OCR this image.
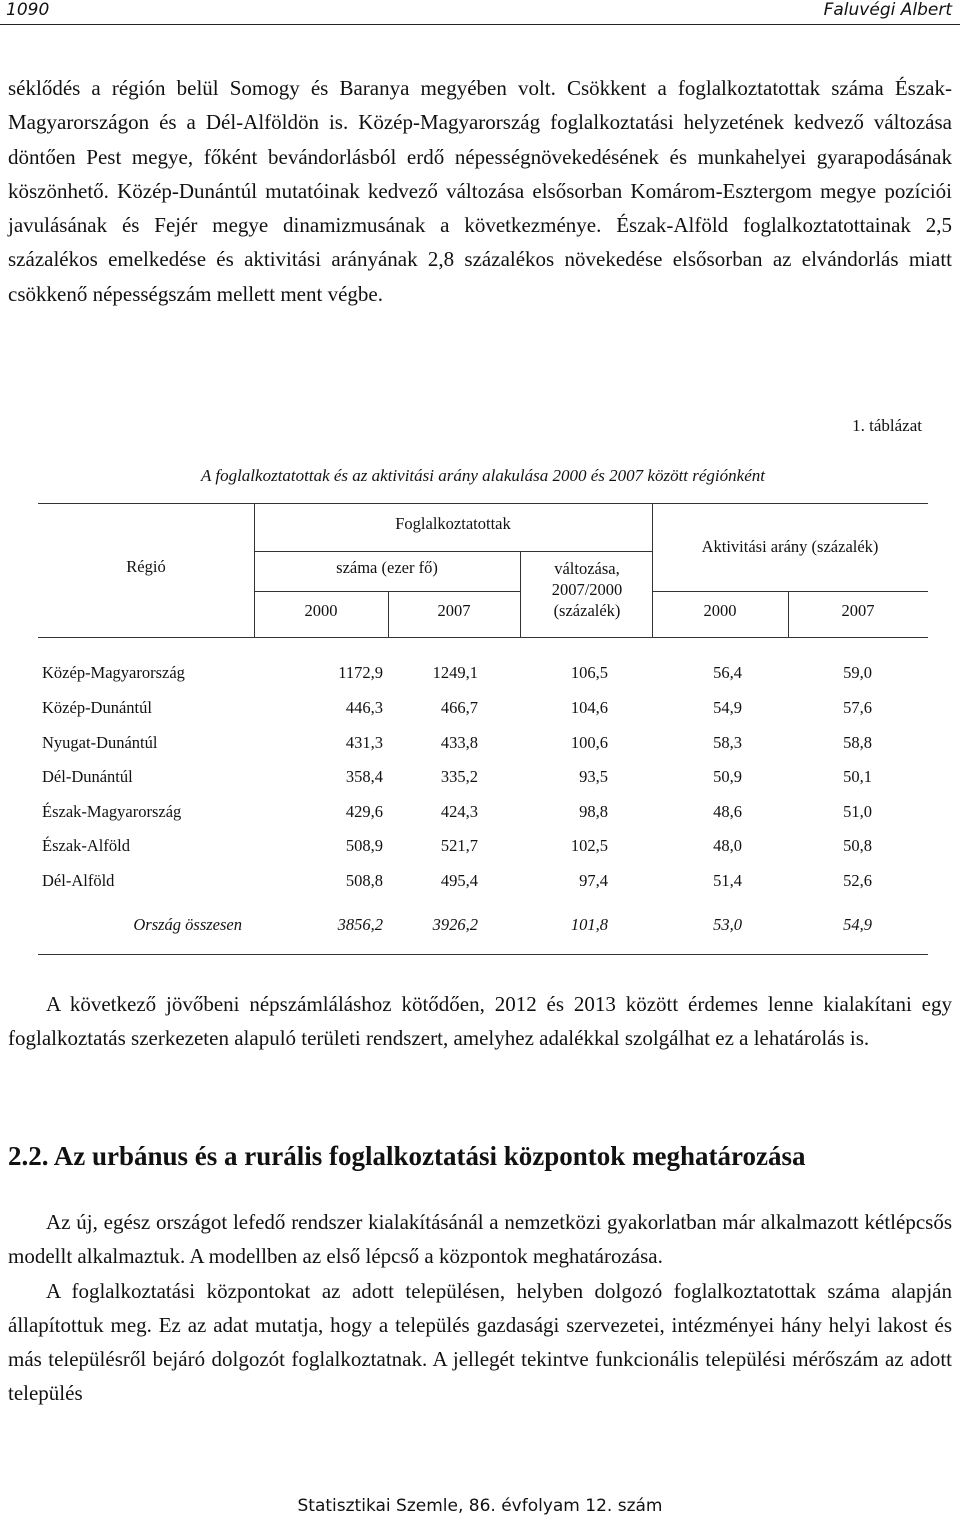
1090	Faluvégi Albert

séklődés a régión belül Somogy és Baranya megyében volt. Csökkent a foglalkoztatottak száma Észak-Magyarországon és a Dél-Alföldön is. Közép-Magyarország foglalkoztatási helyzetének kedvező változása döntően Pest megye, főként bevándorlásból erdő népességnövekedésének és munkahelyei gyarapodásának köszönhető. Közép-Dunántúl mutatóinak kedvező változása elsősorban Komárom-Esztergom megye pozíciói javulásának és Fejér megye dinamizmusának a következménye. Észak-Alföld foglalkoztatottainak 2,5 százalékos emelkedése és aktivitási arányának 2,8 százalékos növekedése elsősorban az elvándorlás miatt csökkenő népességszám mellett ment végbe.

1. táblázat
A foglalkoztatottak és az aktivitási arány alakulása 2000 és 2007 között régiónként
Régió
Foglalkoztatottak
száma (ezer fő)	változása, 2007/2000 (százalék)
Aktivitási arány (százalék)
2000	2007	2000	2007
Közép-Magyarország	1172,9	1249,1	106,5	56,4	59,0
Közép-Dunántúl	446,3	466,7	104,6	54,9	57,6
Nyugat-Dunántúl	431,3	433,8	100,6	58,3	58,8
Dél-Dunántúl	358,4	335,2	93,5	50,9	50,1
Észak-Magyarország	429,6	424,3	98,8	48,6	51,0
Észak-Alföld	508,9	521,7	102,5	48,0	50,8
Dél-Alföld	508,8	495,4	97,4	51,4	52,6
Ország összesen	3856,2	3926,2	101,8	53,0	54,9

A következő jövőbeni népszámláláshoz kötődően, 2012 és 2013 között érdemes lenne kialakítani egy foglalkoztatás szerkezeten alapuló területi rendszert, amelyhez adalékkal szolgálhat ez a lehatárolás is.

2.2. Az urbánus és a rurális foglalkoztatási központok meghatározása

Az új, egész országot lefedő rendszer kialakításánál a nemzetközi gyakorlatban már alkalmazott kétlépcsős modellt alkalmaztuk. A modellben az első lépcső a központok meghatározása.

A foglalkoztatási központokat az adott településen, helyben dolgozó foglalkoztatottak száma alapján állapítottuk meg. Ez az adat mutatja, hogy a település gazdasági szervezetei, intézményei hány helyi lakost és más településről bejáró dolgozót foglalkoztatnak. A jellegét tekintve funkcionális települési mérőszám az adott település

Statisztikai Szemle, 86. évfolyam 12. szám
